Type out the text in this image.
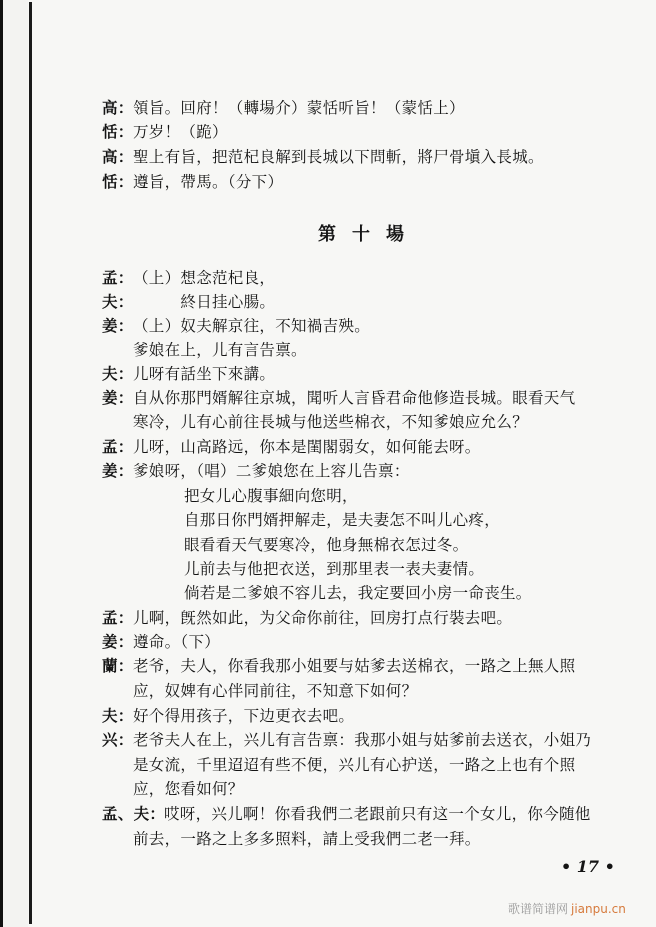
高： 領旨。回府！（轉場介）蒙恬听旨！（蒙恬上）
恬： 万岁！（跪）
高： 聖上有旨，把范杞良解到長城以下問斬，將尸骨塡入長城。
恬： 遵旨，帶馬。（分下）
第十場
孟： （上）想念范杞良，
夫： 　　　終日挂心腸。
姜： （上）奴夫解京往，不知禍吉殃。
爹娘在上，儿有言告禀。
夫： 儿呀有話坐下來講。
姜： 自从你那門婿解往京城，聞听人言昏君命他修造長城。眼看天气
寒冷，儿有心前往長城与他送些棉衣，不知爹娘应允么？
孟： 儿呀，山高路远，你本是閨閣弱女，如何能去呀。
姜： 爹娘呀，（唱）二爹娘您在上容儿告禀：
把女儿心腹事細向您明，
自那日你門婿押解走，是夫妻怎不叫儿心疼，
眼看看天气要寒冷，他身無棉衣怎过冬。
儿前去与他把衣送，到那里表一表夫妻情。
倘若是二爹娘不容儿去，我定要回小房一命丧生。
孟： 儿啊，旣然如此，为父命你前往，回房打点行裝去吧。
姜： 遵命。（下）
蘭： 老爷，夫人，你看我那小姐要与姑爹去送棉衣，一路之上無人照
应，奴婢有心伴同前往，不知意下如何？
夫： 好个得用孩子，下边更衣去吧。
兴： 老爷夫人在上，兴儿有言告禀：我那小姐与姑爹前去送衣，小姐乃
是女流，千里迢迢有些不便，兴儿有心护送，一路之上也有个照
应，您看如何？
孟、夫：
哎呀，兴儿啊！你看我們二老跟前只有这一个女儿，你今随他
前去，一路之上多多照料，請上受我們二老一拜。
• 17 •
歌谱简谱网 jianpu.cn
